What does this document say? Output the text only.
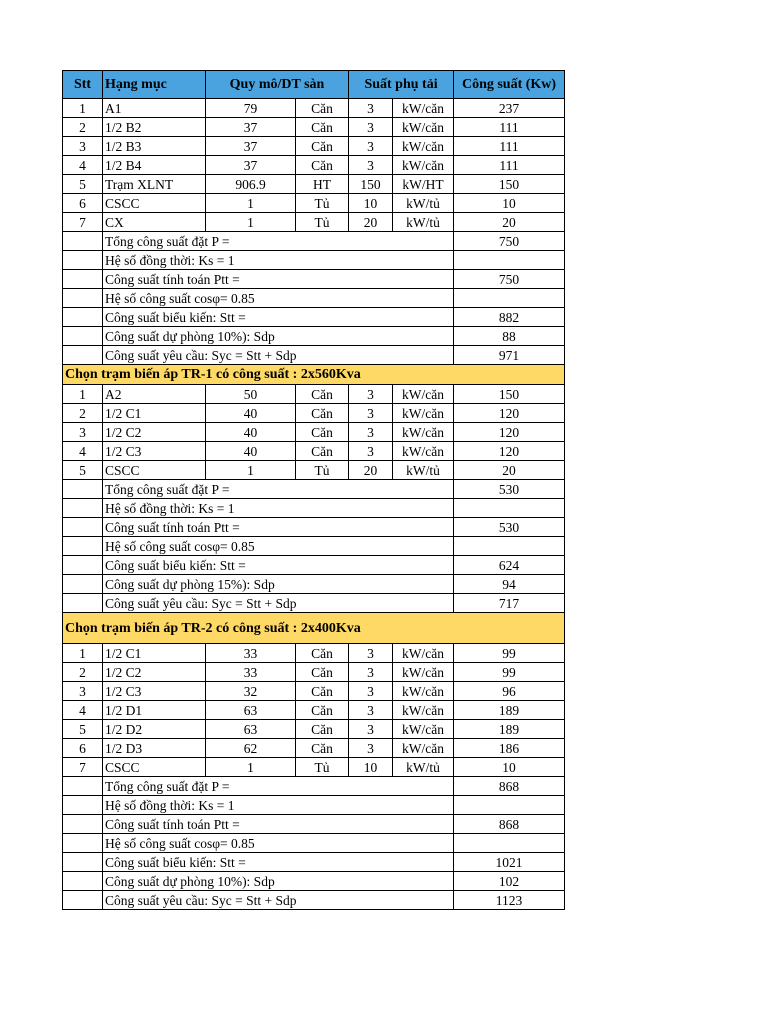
Stt	Hạng mục	Quy mô/DT sàn		Suất phụ tải		Công suất (Kw)
1	A1	79	Căn	3	kW/căn	237
2	1/2 B2	37	Căn	3	kW/căn	111
3	1/2 B3	37	Căn	3	kW/căn	111
4	1/2 B4	37	Căn	3	kW/căn	111
5	Trạm XLNT	906.9	HT	150	kW/HT	150
6	CSCC	1	Tủ	10	kW/tủ	10
7	CX	1	Tủ	20	kW/tủ	20
	Tổng công suất đặt P =					750
	Hệ số đồng thời: Ks = 1					
	Công suất tính toán Ptt =					750
	Hệ số công suất cosφ= 0.85					
	Công suất biểu kiến: Stt =					882
	Công suất dự phòng 10%): Sdp					88
	Công suất yêu cầu: Syc = Stt + Sdp					971
Chọn trạm biến áp TR-1 có công suất : 2x560Kva						
1	A2	50	Căn	3	kW/căn	150
2	1/2 C1	40	Căn	3	kW/căn	120
3	1/2 C2	40	Căn	3	kW/căn	120
4	1/2 C3	40	Căn	3	kW/căn	120
5	CSCC	1	Tủ	20	kW/tủ	20
	Tổng công suất đặt P =					530
	Hệ số đồng thời: Ks = 1					
	Công suất tính toán Ptt =					530
	Hệ số công suất cosφ= 0.85					
	Công suất biểu kiến: Stt =					624
	Công suất dự phòng 15%): Sdp					94
	Công suất yêu cầu: Syc = Stt + Sdp					717
Chọn trạm biến áp TR-2 có công suất : 2x400Kva						
1	1/2 C1	33	Căn	3	kW/căn	99
2	1/2 C2	33	Căn	3	kW/căn	99
3	1/2 C3	32	Căn	3	kW/căn	96
4	1/2 D1	63	Căn	3	kW/căn	189
5	1/2 D2	63	Căn	3	kW/căn	189
6	1/2 D3	62	Căn	3	kW/căn	186
7	CSCC	1	Tủ	10	kW/tủ	10
	Tổng công suất đặt P =					868
	Hệ số đồng thời: Ks = 1					
	Công suất tính toán Ptt =					868
	Hệ số công suất cosφ= 0.85					
	Công suất biểu kiến: Stt =					1021
	Công suất dự phòng 10%): Sdp					102
	Công suất yêu cầu: Syc = Stt + Sdp					1123
